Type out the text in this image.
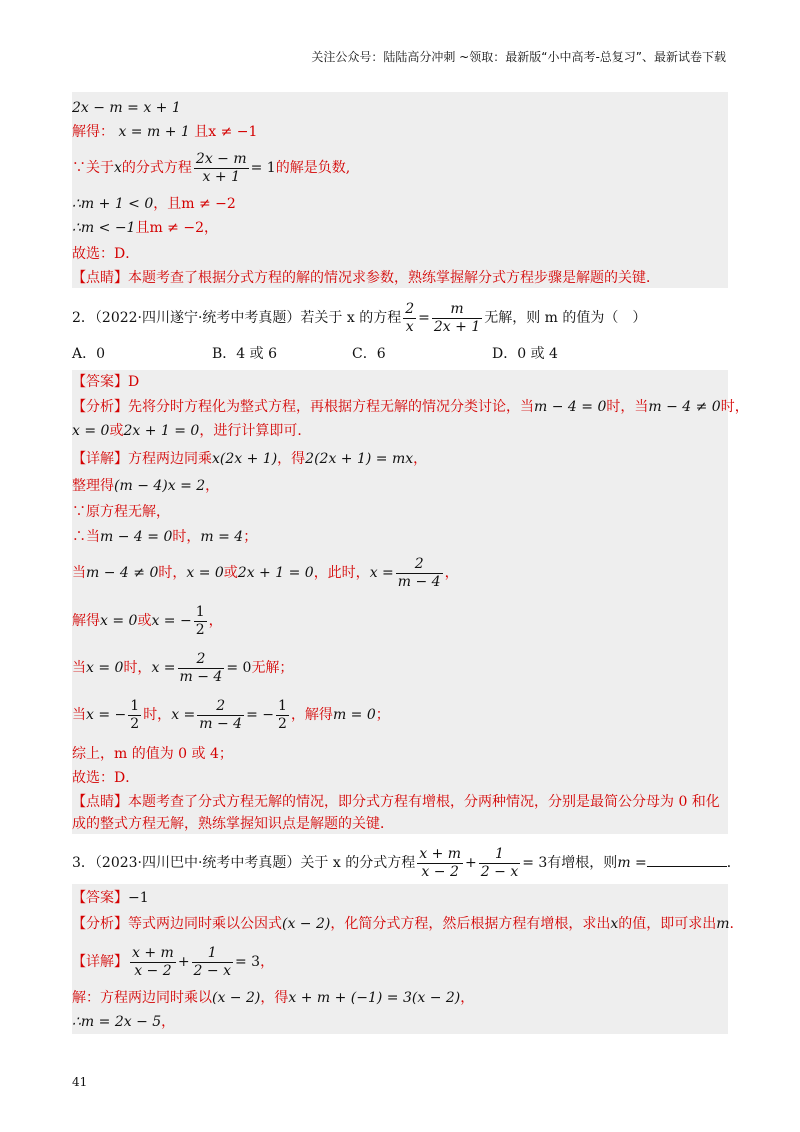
关注公众号：陆陆高分冲刺 ~领取：最新版“小中高考-总复习”、最新试卷下载
2x − m = x + 1
解得： x = m + 1 且x ≠ −1
∵关于x的分式方程 $\frac{2x - m}{x + 1} = 1$的解是负数,
∴m + 1 < 0，且m ≠ −2
∴m < −1且m ≠ −2，
故选：D．
【点睛】本题考查了根据分式方程的解的情况求参数，熟练掌握解分式方程步骤是解题的关键．
2．（2022·四川遂宁·统考中考真题）若关于 x 的方程 $\frac{2}{x} = \frac{m}{2x + 1}$ 无解，则 m 的值为（　）
A．0	B．4 或 6	C．6	D．0 或 4
【答案】D
【分析】先将分时方程化为整式方程，再根据方程无解的情况分类讨论，当m − 4 = 0时，当m − 4 ≠ 0时，
x = 0或2x + 1 = 0，进行计算即可．
【详解】方程两边同乘x(2x + 1)，得2(2x + 1) = mx，
整理得(m − 4)x = 2，
∵原方程无解，
∴当m − 4 = 0时，m = 4；
当m − 4 ≠ 0时，x = 0或2x + 1 = 0，此时，$x = \frac{2}{m - 4}$ ，
解得x = 0或x = − $\frac{1}{2}$ ，
当x = 0时，$x = \frac{2}{m - 4} = 0$无解；
当x = − $\frac{1}{2}$ 时，$x = \frac{2}{m - 4}$ = − $\frac{1}{2}$ ，解得m = 0；
综上，m 的值为 0 或 4；
故选：D．
【点睛】本题考查了分式方程无解的情况，即分式方程有增根，分两种情况，分别是最简公分母为 0 和化
成的整式方程无解，熟练掌握知识点是解题的关键．
3．（2023·四川巴中·统考中考真题）关于 x 的分式方程 $\frac{x + m}{x - 2} + \frac{1}{2 - x} = 3$有增根，则m =	．
【答案】−1
【分析】等式两边同时乘以公因式(x − 2)，化简分式方程，然后根据方程有增根，求出x的值，即可求出m.
【详解】 $\frac{x + m}{x - 2} + \frac{1}{2 - x} = 3$，
解：方程两边同时乘以(x − 2)，得x + m + (−1) = 3(x − 2)，
∴m = 2x − 5，
41
